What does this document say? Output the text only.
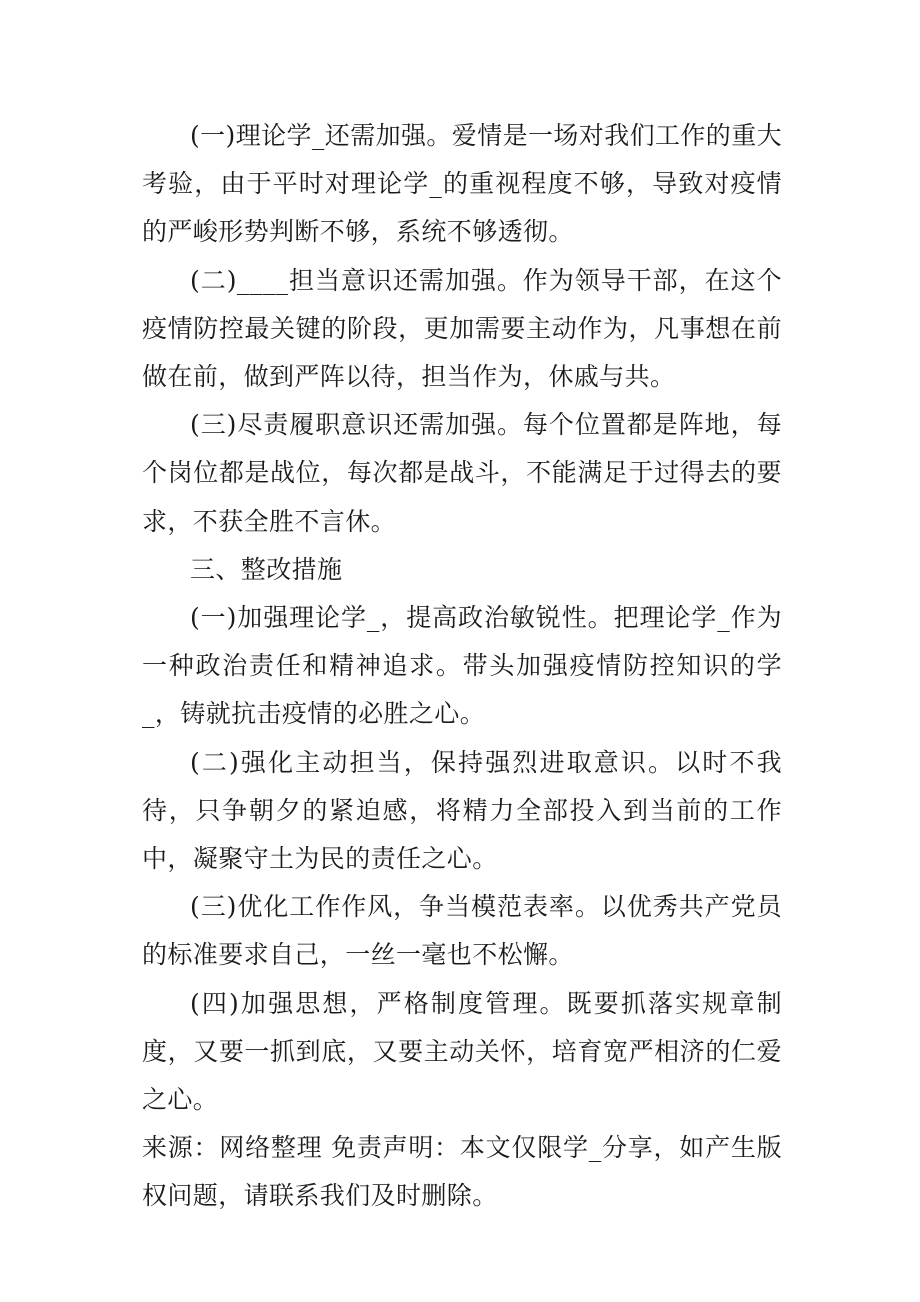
(一)理论学_还需加强。爱情是一场对我们工作的重大考验，由于平时对理论学_的重视程度不够，导致对疫情的严峻形势判断不够，系统不够透彻。

(二)____担当意识还需加强。作为领导干部，在这个疫情防控最关键的阶段，更加需要主动作为，凡事想在前做在前，做到严阵以待，担当作为，休戚与共。

(三)尽责履职意识还需加强。每个位置都是阵地，每个岗位都是战位，每次都是战斗，不能满足于过得去的要求，不获全胜不言休。

三、整改措施

(一)加强理论学_，提高政治敏锐性。把理论学_作为一种政治责任和精神追求。带头加强疫情防控知识的学_，铸就抗击疫情的必胜之心。

(二)强化主动担当，保持强烈进取意识。以时不我待，只争朝夕的紧迫感，将精力全部投入到当前的工作中，凝聚守土为民的责任之心。

(三)优化工作作风，争当模范表率。以优秀共产党员的标准要求自己，一丝一毫也不松懈。

(四)加强思想，严格制度管理。既要抓落实规章制度，又要一抓到底，又要主动关怀，培育宽严相济的仁爱之心。
来源：网络整理 免责声明：本文仅限学_分享，如产生版权问题，请联系我们及时删除。
